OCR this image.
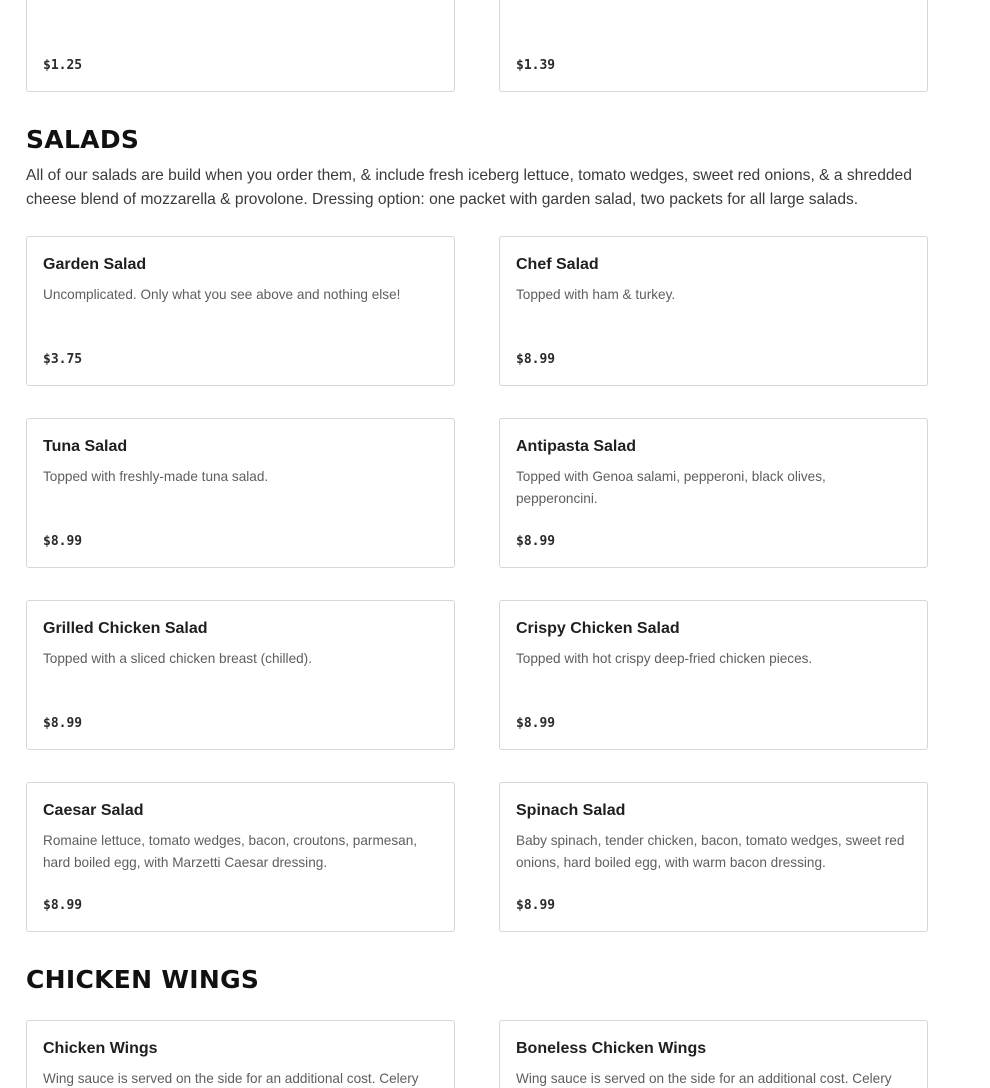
$1.25	$1.39
SALADS

All of our salads are build when you order them, & include fresh iceberg lettuce, tomato wedges, sweet red onions, & a shredded cheese blend of mozzarella & provolone. Dressing option: one packet with garden salad, two packets for all large salads.

Garden Salad
Uncomplicated. Only what you see above and nothing else!
$3.75
Chef Salad
Topped with ham & turkey.
$8.99
Tuna Salad
Topped with freshly-made tuna salad.
$8.99
Antipasta Salad
Topped with Genoa salami, pepperoni, black olives, pepperoncini.
$8.99
Grilled Chicken Salad
Topped with a sliced chicken breast (chilled).
$8.99
Crispy Chicken Salad
Topped with hot crispy deep-fried chicken pieces.
$8.99
Caesar Salad
Romaine lettuce, tomato wedges, bacon, croutons, parmesan, hard boiled egg, with Marzetti Caesar dressing.
$8.99
Spinach Salad
Baby spinach, tender chicken, bacon, tomato wedges, sweet red onions, hard boiled egg, with warm bacon dressing.
$8.99
CHICKEN WINGS
Chicken Wings
Wing sauce is served on the side for an additional cost. Celery
Boneless Chicken Wings
Wing sauce is served on the side for an additional cost. Celery
